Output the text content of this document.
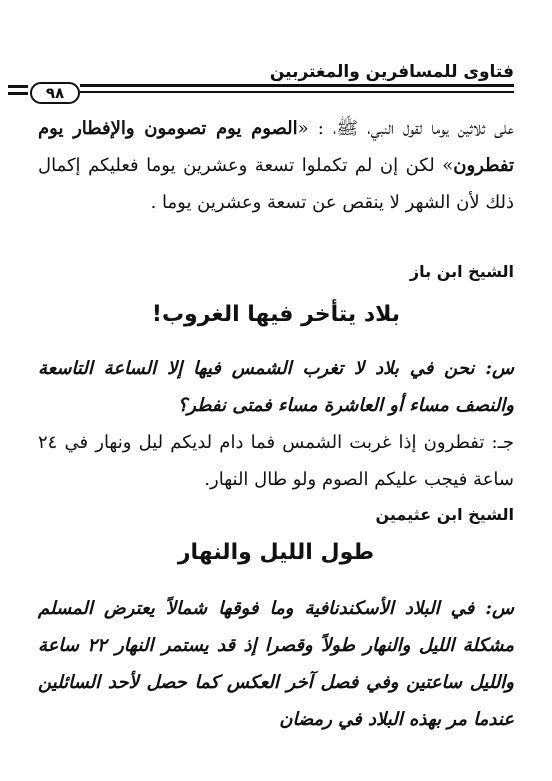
فتاوى للمسافرين والمغتربين
٩٨
على ثلاثين يوما لقول النبي، ﷺ، : «الصوم يوم تصومون والإفطار يوم تفطرون» لكن إن لم تكملوا تسعة وعشرين يوما فعليكم إكمال ذلك لأن الشهر لا ينقص عن تسعة وعشرين يوما .
الشيخ ابن باز
بلاد يتأخر فيها الغروب!
س: نحن في بلاد لا تغرب الشمس فيها إلا الساعة التاسعة والنصف مساء أو العاشرة مساء فمتى نفطر؟
جـ: تفطرون إذا غربت الشمس فما دام لديكم ليل ونهار في ٢٤ ساعة فيجب عليكم الصوم ولو طال النهار.
الشيخ ابن عثيمين
طول الليل والنهار
س: في البلاد الأسكندنافية وما فوقها شمالاً يعترض المسلم مشكلة الليل والنهار طولاً وقصرا إذ قد يستمر النهار ٢٢ ساعة والليل ساعتين وفي فصل آخر العكس كما حصل لأحد السائلين عندما مر بهذه البلاد في رمضان
